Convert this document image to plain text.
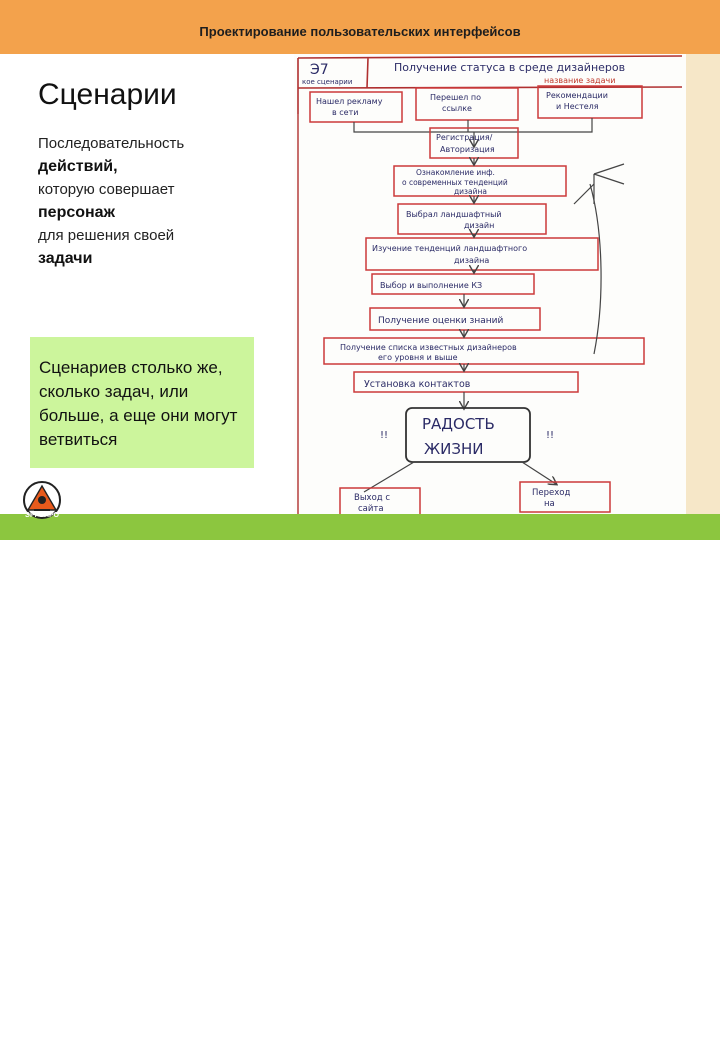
Проектирование пользовательских интерфейсов
Сценарии
Последовательность
действий,
которую совершает
персонаж
для решения своей
задачи

Сценариев столько же, сколько задач, или больше, а еще они могут ветвиться

Э7
кое сценарии
Получение статуса в среде дизайнеров
название задачи
Нашел рекламу
в сети
Перешел по
ссылке
Рекомендации
и Нестеля
Регистрация/
Авторизация
Ознакомление инф.
о современных тенденций
дизайна
Выбрал ландшафтный
дизайн
Изучение тенденций ландшафтного
дизайна
Выбор и выполнение КЗ
Получение оценки знаний
Получение списка известных дизайнеров
его уровня и выше
Установка контактов
РАДОСТЬ
ЖИЗНИ
!!	!!
Выход с
сайта
Переход
на
ИТ МГППУ 2009 г.
ЭРГОПРО
